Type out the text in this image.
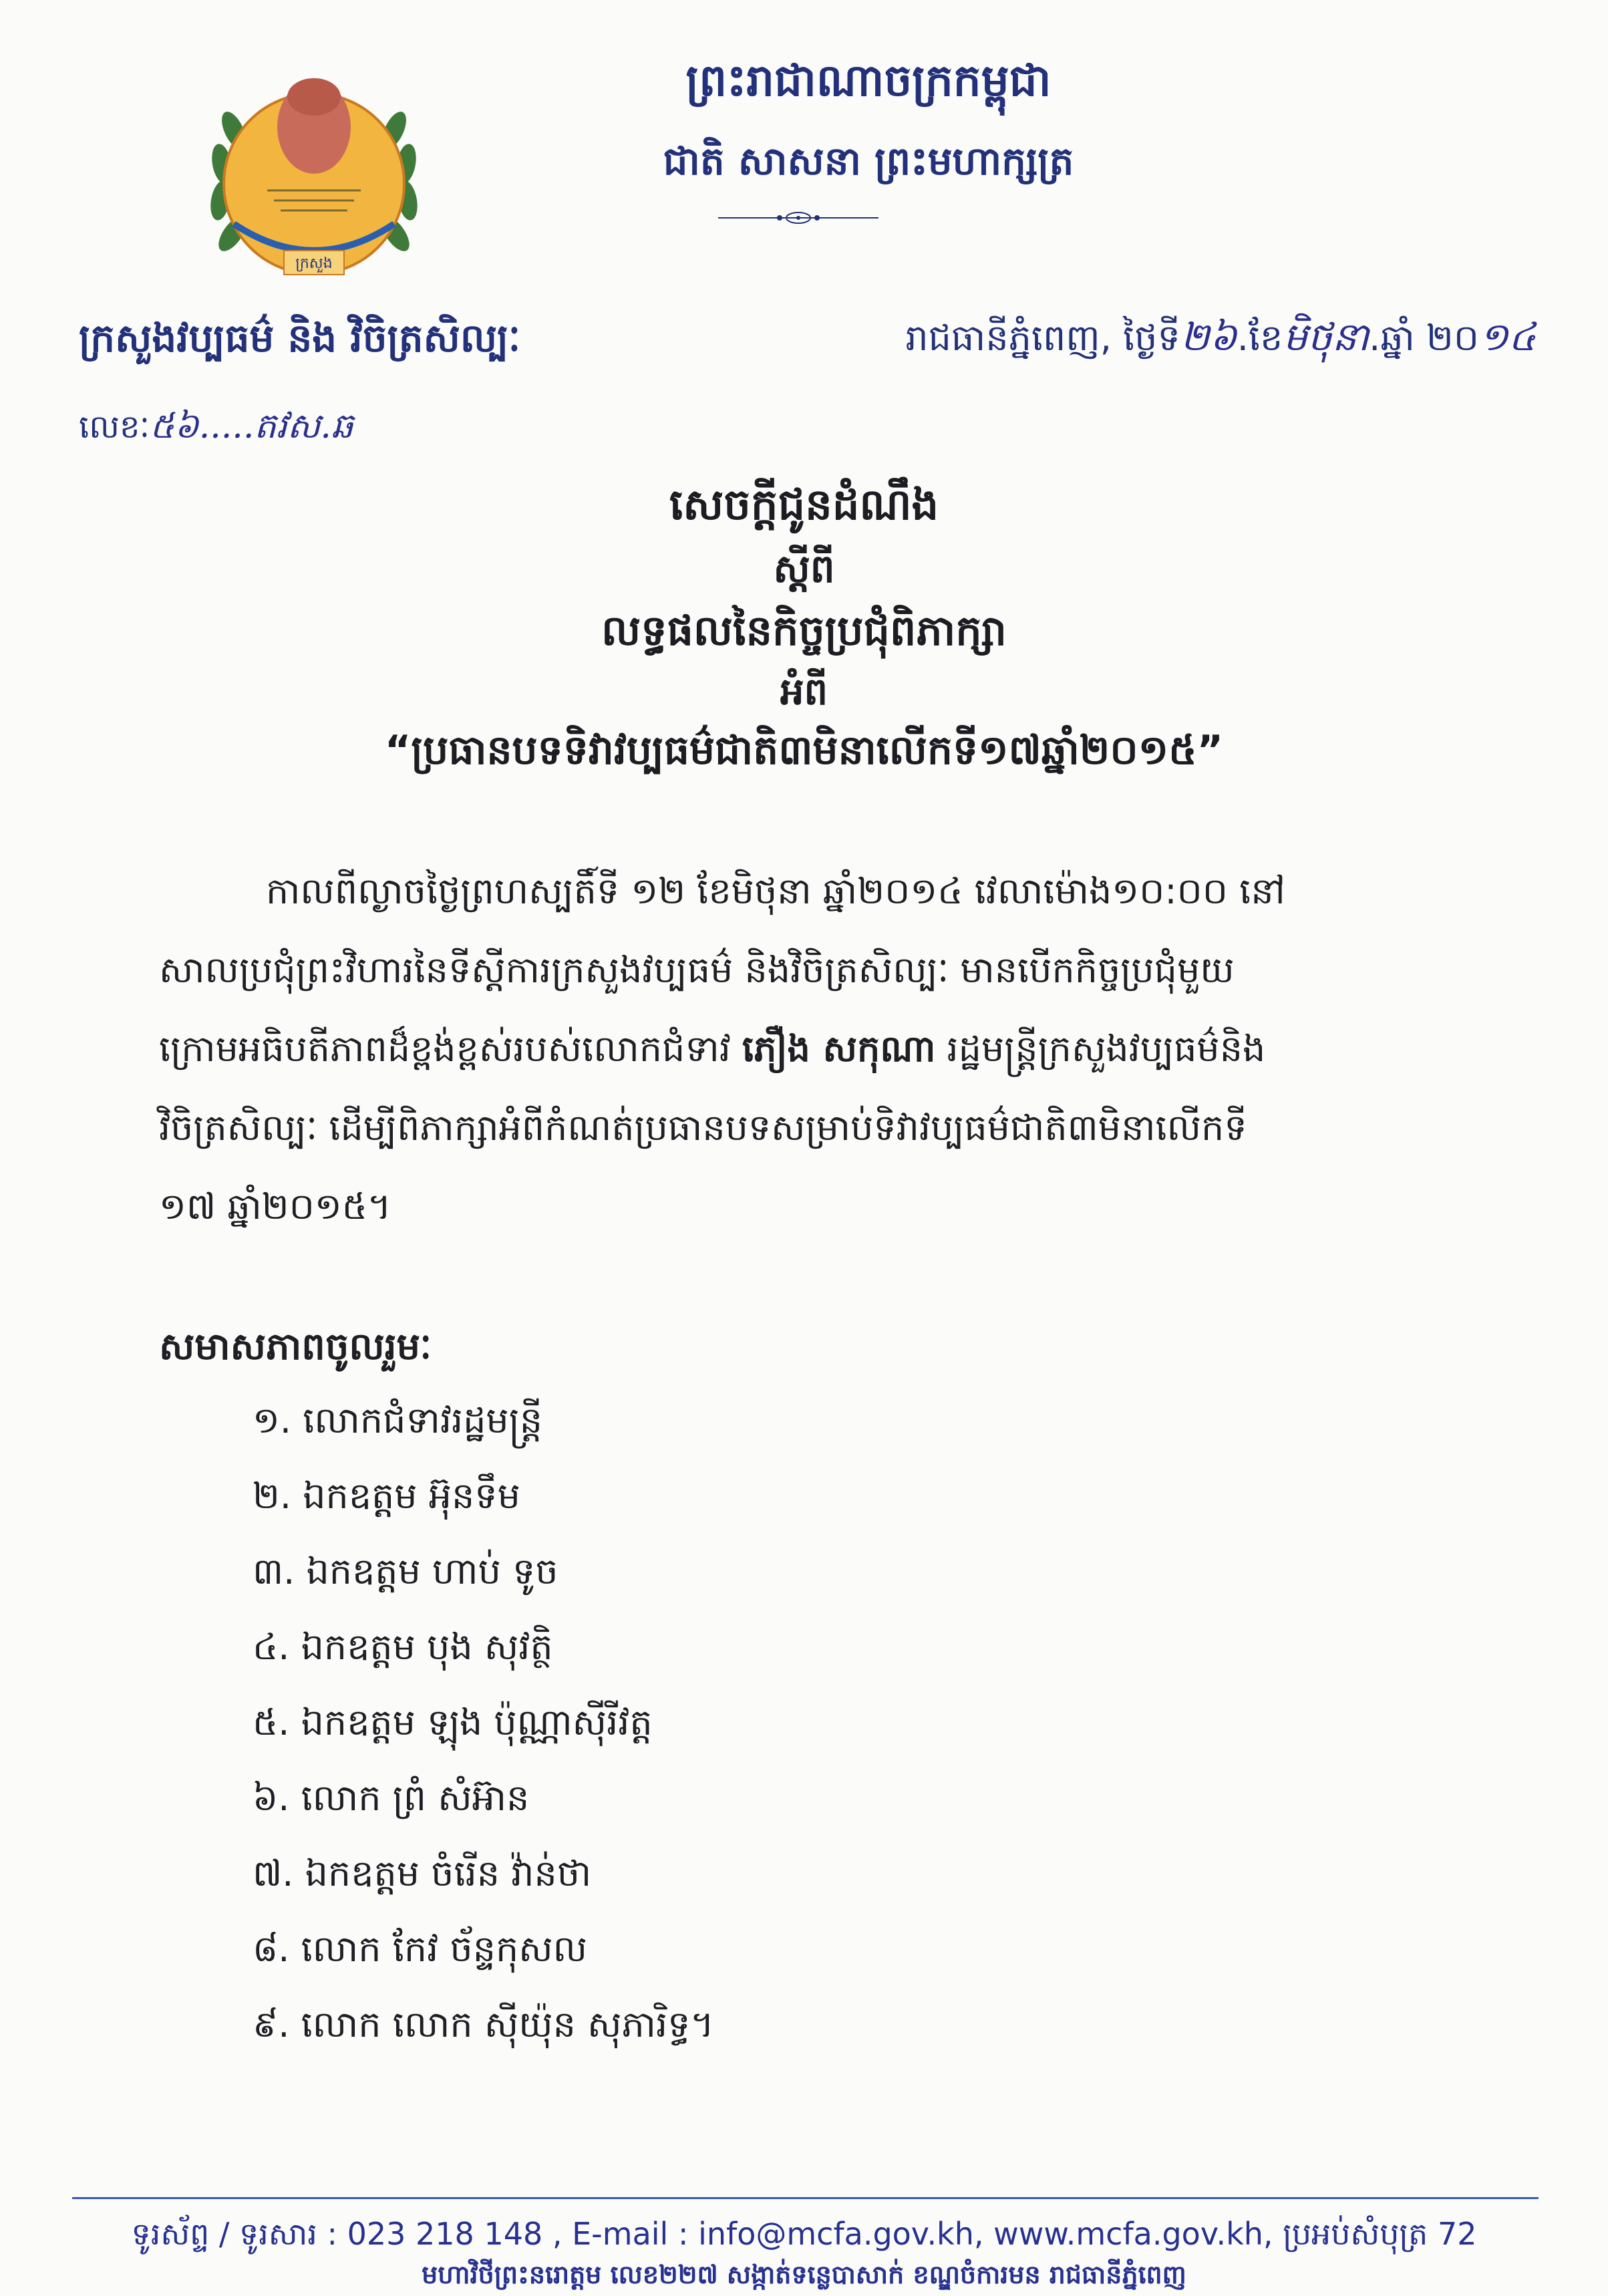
ក្រសួង
ព្រះរាជាណាចក្រកម្ពុជា
ជាតិ សាសនា ព្រះមហាក្សត្រ
ក្រសួងវប្បធម៌ និង វិចិត្រសិល្បៈ
លេខៈ៥៦.....តវស.ឆ
រាជធានីភ្នំពេញ, ថ្ងៃទី២៦.ខែមិថុនា.ឆ្នាំ ២០១៤
សេចក្តីជូនដំណឹង
ស្តីពី
លទ្ធផលនៃកិច្ចប្រជុំពិភាក្សា
អំពី
“ប្រធានបទទិវាវប្បធម៌ជាតិ៣មិនាលើកទី១៧ឆ្នាំ២០១៥”
កាលពីល្ងាចថ្ងៃព្រហស្បតិ៍ទី ១២ ខែមិថុនា ឆ្នាំ២០១៤ វេលាម៉ោង១០:០០ នៅ
សាលប្រជុំព្រះវិហារនៃទីស្តីការក្រសួងវប្បធម៌ និងវិចិត្រសិល្បៈ មានបើកកិច្ចប្រជុំមួយ
ក្រោមអធិបតីភាពដ៏ខ្ពង់ខ្ពស់របស់លោកជំទាវ ភឿង សកុណា រដ្ឋមន្ត្រីក្រសួងវប្បធម៌និង
វិចិត្រសិល្បៈ ដើម្បីពិភាក្សាអំពីកំណត់ប្រធានបទសម្រាប់ទិវាវប្បធម៌ជាតិ៣មិនាលើកទី
១៧ ឆ្នាំ២០១៥។
សមាសភាពចូលរួមៈ
១. លោកជំទាវរដ្ឋមន្ត្រី
២. ឯកឧត្តម អ៊ុនទឹម
៣. ឯកឧត្តម ហាប់ ទូច
៤. ឯកឧត្តម បុង សុវត្ថិ
៥. ឯកឧត្តម ឡុង ប៉ុណ្ណាស៊ីរីវត្ត
៦. លោក ព្រំ សំអ៊ាន
៧. ឯកឧត្តម ចំរើន វ៉ាន់ថា
៨. លោក កែវ ច័ន្ទកុសល
៩. លោក លោក ស៊ីយ៉ុន សុភារិទ្ធ។
ទូរស័ព្ទ / ទូរសារ : 023 218 148 , E-mail : info@mcfa.gov.kh, www.mcfa.gov.kh, ប្រអប់សំបុត្រ 72
មហាវិថីព្រះនរោត្តម លេខ២២៧ សង្កាត់ទន្លេបាសាក់ ខណ្ឌចំការមន រាជធានីភ្នំពេញ
